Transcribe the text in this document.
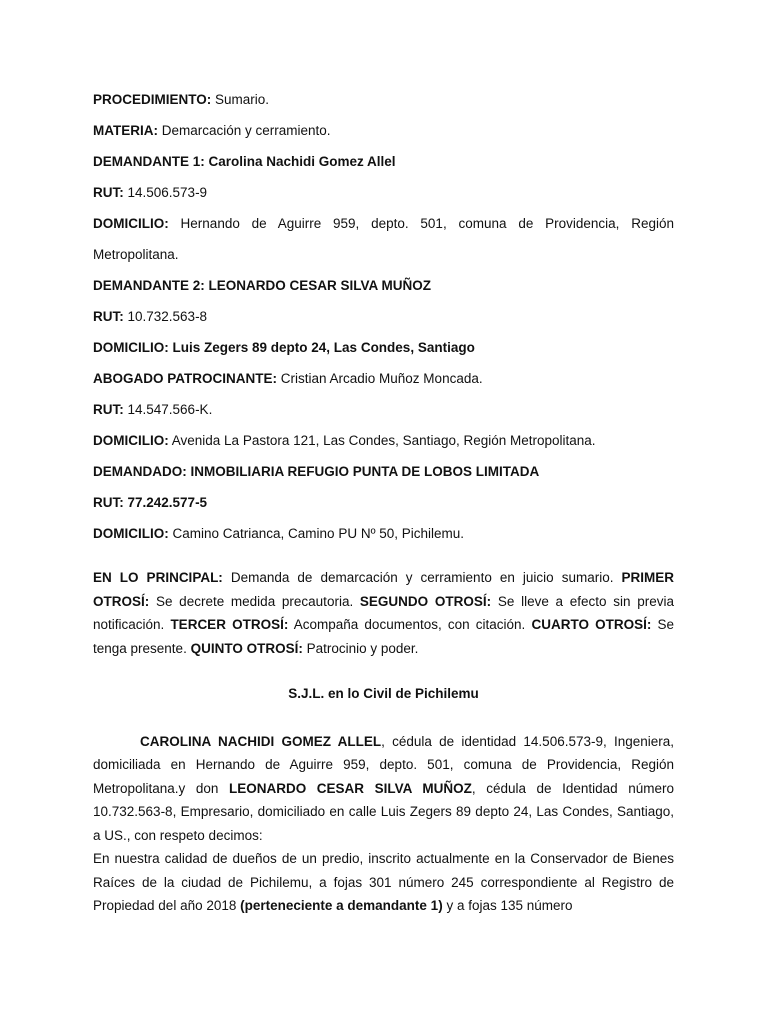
PROCEDIMIENTO: Sumario.

MATERIA: Demarcación y cerramiento.

DEMANDANTE 1: Carolina Nachidi Gomez Allel

RUT: 14.506.573-9

DOMICILIO: Hernando de Aguirre 959, depto. 501, comuna de Providencia, Región Metropolitana.

DEMANDANTE 2: LEONARDO CESAR SILVA MUÑOZ

RUT: 10.732.563-8

DOMICILIO: Luis Zegers 89 depto 24, Las Condes, Santiago

ABOGADO PATROCINANTE: Cristian Arcadio Muñoz Moncada.

RUT: 14.547.566-K.

DOMICILIO: Avenida La Pastora 121, Las Condes, Santiago, Región Metropolitana.

DEMANDADO: INMOBILIARIA REFUGIO PUNTA DE LOBOS LIMITADA

RUT: 77.242.577-5

DOMICILIO: Camino Catrianca, Camino PU Nº 50, Pichilemu.

EN LO PRINCIPAL: Demanda de demarcación y cerramiento en juicio sumario. PRIMER OTROSÍ: Se decrete medida precautoria. SEGUNDO OTROSÍ: Se lleve a efecto sin previa notificación. TERCER OTROSÍ: Acompaña documentos, con citación. CUARTO OTROSÍ: Se tenga presente. QUINTO OTROSÍ: Patrocinio y poder.

S.J.L. en lo Civil de Pichilemu

CAROLINA NACHIDI GOMEZ ALLEL, cédula de identidad 14.506.573-9, Ingeniera, domiciliada en Hernando de Aguirre 959, depto. 501, comuna de Providencia, Región Metropolitana.y don LEONARDO CESAR SILVA MUÑOZ, cédula de Identidad número 10.732.563-8, Empresario, domiciliado en calle Luis Zegers 89 depto 24, Las Condes, Santiago, a US., con respeto decimos:

En nuestra calidad de dueños de un predio, inscrito actualmente en la Conservador de Bienes Raíces de la ciudad de Pichilemu, a fojas 301 número 245 correspondiente al Registro de Propiedad del año 2018 (perteneciente a demandante 1) y a fojas 135 número
